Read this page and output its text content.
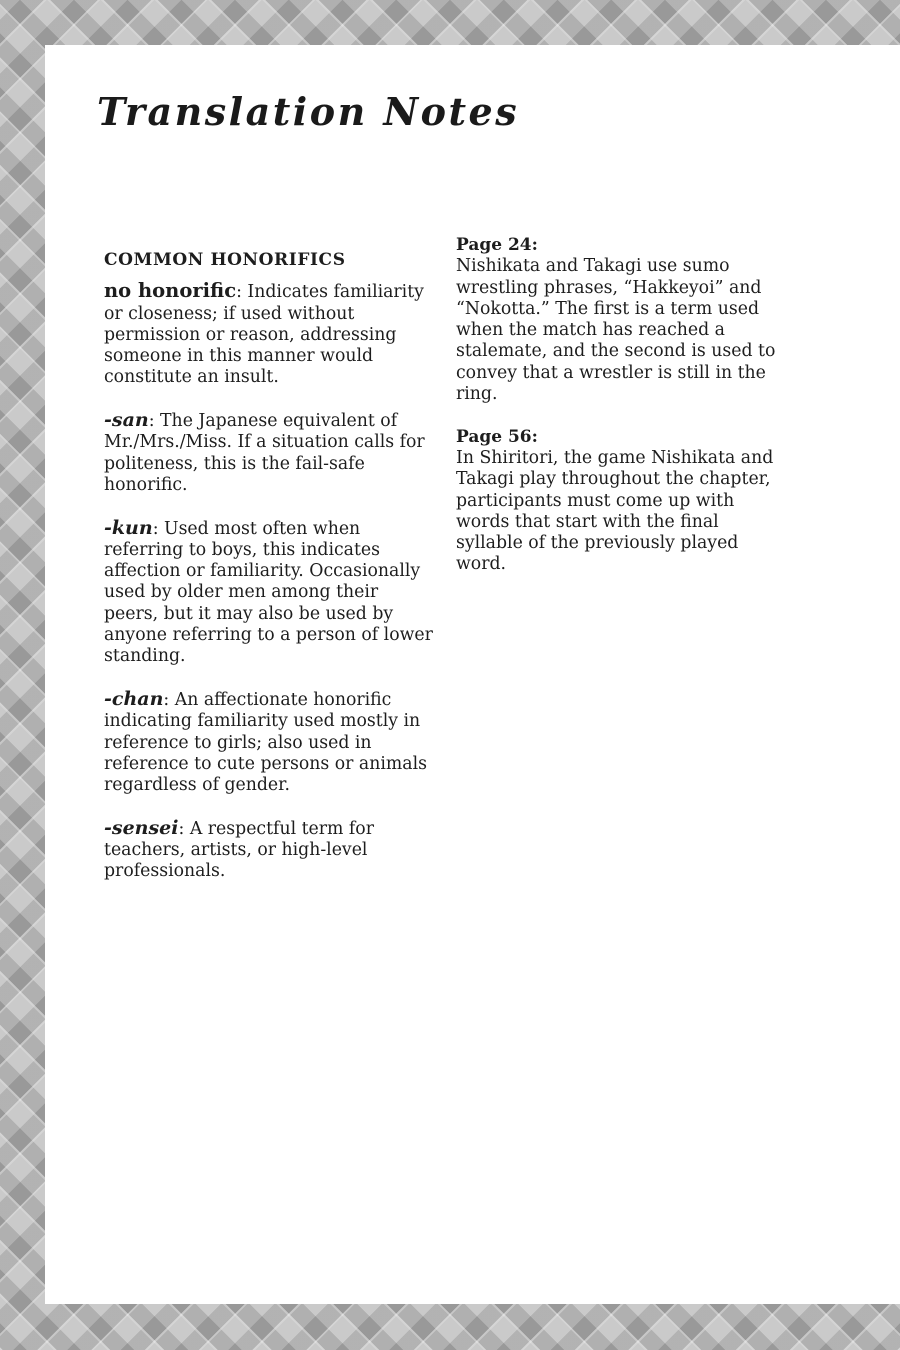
Translation Notes
COMMON HONORIFICS

no honorific: Indicates familiarity or closeness; if used without permission or reason, addressing someone in this manner would constitute an insult.

-san: The Japanese equivalent of Mr./Mrs./Miss. If a situation calls for politeness, this is the fail-safe honorific.

-kun: Used most often when referring to boys, this indicates affection or familiarity. Occasionally used by older men among their peers, but it may also be used by anyone referring to a person of lower standing.

-chan: An affectionate honorific indicating familiarity used mostly in reference to girls; also used in reference to cute persons or animals regardless of gender.

-sensei: A respectful term for teachers, artists, or high-level professionals.

Page 24:
Nishikata and Takagi use sumo wrestling phrases, “Hakkeyoi” and “Nokotta.” The first is a term used when the match has reached a stalemate, and the second is used to convey that a wrestler is still in the ring.

Page 56:
In Shiritori, the game Nishikata and Takagi play throughout the chapter, participants must come up with words that start with the final syllable of the previously played word.
